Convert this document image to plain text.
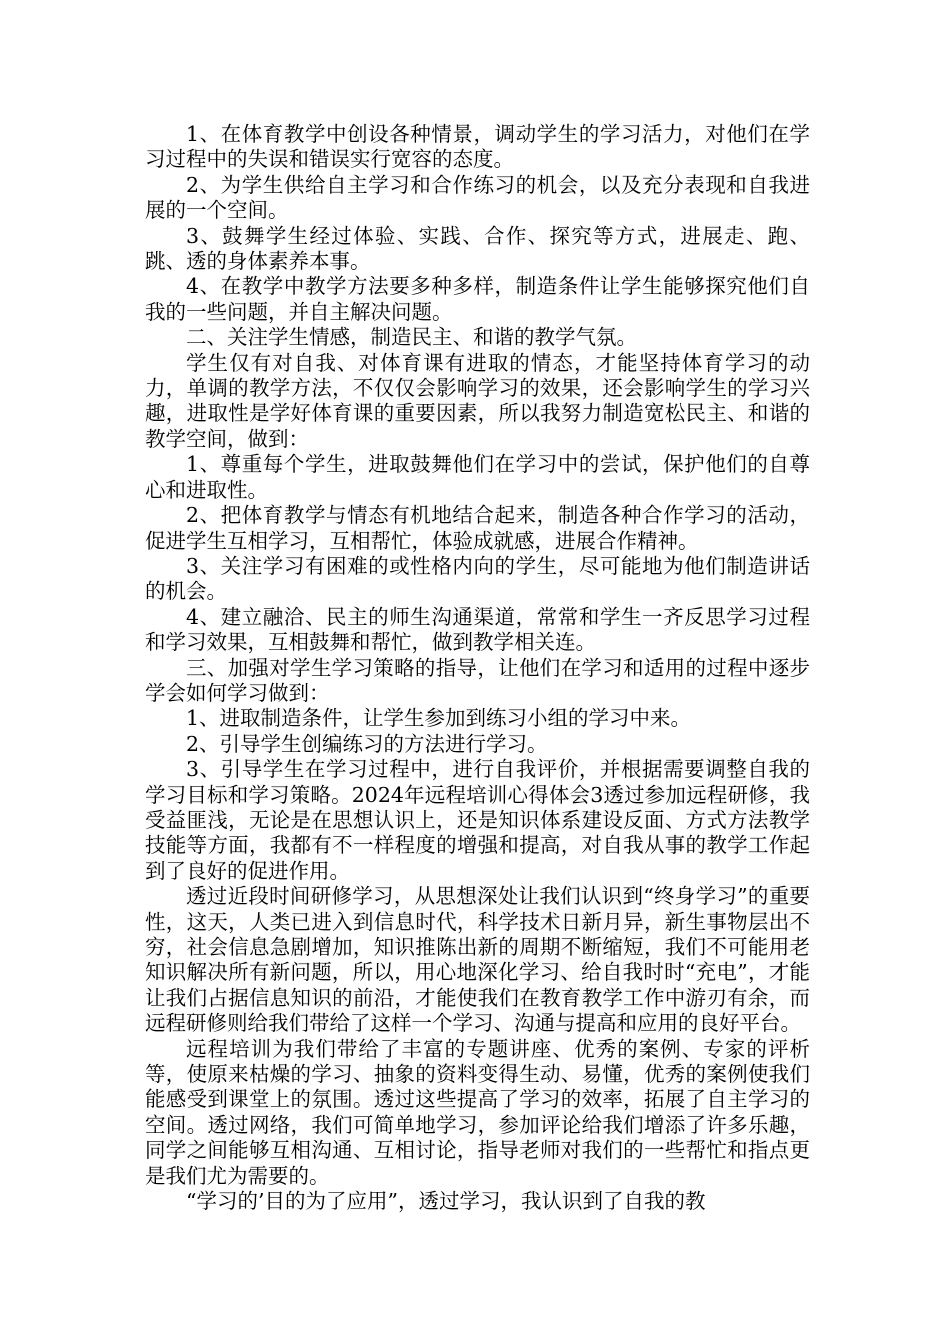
1、在体育教学中创设各种情景，调动学生的学习活力，对他们在学习过程中的失误和错误实行宽容的态度。

2、为学生供给自主学习和合作练习的机会，以及充分表现和自我进展的一个空间。

3、鼓舞学生经过体验、实践、合作、探究等方式，进展走、跑、跳、透的身体素养本事。

4、在教学中教学方法要多种多样，制造条件让学生能够探究他们自我的一些问题，并自主解决问题。

二、关注学生情感，制造民主、和谐的教学气氛。

学生仅有对自我、对体育课有进取的情态，才能坚持体育学习的动力，单调的教学方法，不仅仅会影响学习的效果，还会影响学生的学习兴趣，进取性是学好体育课的重要因素，所以我努力制造宽松民主、和谐的教学空间，做到：

1、尊重每个学生，进取鼓舞他们在学习中的尝试，保护他们的自尊心和进取性。

2、把体育教学与情态有机地结合起来，制造各种合作学习的活动，促进学生互相学习，互相帮忙，体验成就感，进展合作精神。

3、关注学习有困难的或性格内向的学生，尽可能地为他们制造讲话的机会。

4、建立融洽、民主的师生沟通渠道，常常和学生一齐反思学习过程和学习效果，互相鼓舞和帮忙，做到教学相关连。

三、加强对学生学习策略的指导，让他们在学习和适用的过程中逐步学会如何学习做到：

1、进取制造条件，让学生参加到练习小组的学习中来。

2、引导学生创编练习的方法进行学习。

3、引导学生在学习过程中，进行自我评价，并根据需要调整自我的学习目标和学习策略。2024年远程培训心得体会3透过参加远程研修，我受益匪浅，无论是在思想认识上，还是知识体系建设反面、方式方法教学技能等方面，我都有不一样程度的增强和提高，对自我从事的教学工作起到了良好的促进作用。

透过近段时间研修学习，从思想深处让我们认识到“终身学习”的重要性，这天，人类已进入到信息时代，科学技术日新月异，新生事物层出不穷，社会信息急剧增加，知识推陈出新的周期不断缩短，我们不可能用老知识解决所有新问题，所以，用心地深化学习、给自我时时“充电”，才能让我们占据信息知识的前沿，才能使我们在教育教学工作中游刃有余，而远程研修则给我们带给了这样一个学习、沟通与提高和应用的良好平台。

远程培训为我们带给了丰富的专题讲座、优秀的案例、专家的评析等，使原来枯燥的学习、抽象的资料变得生动、易懂，优秀的案例使我们能感受到课堂上的氛围。透过这些提高了学习的效率，拓展了自主学习的空间。透过网络，我们可简单地学习，参加评论给我们增添了许多乐趣，同学之间能够互相沟通、互相讨论，指导老师对我们的一些帮忙和指点更是我们尤为需要的。

“学习的’目的为了应用”，透过学习，我认识到了自我的教
